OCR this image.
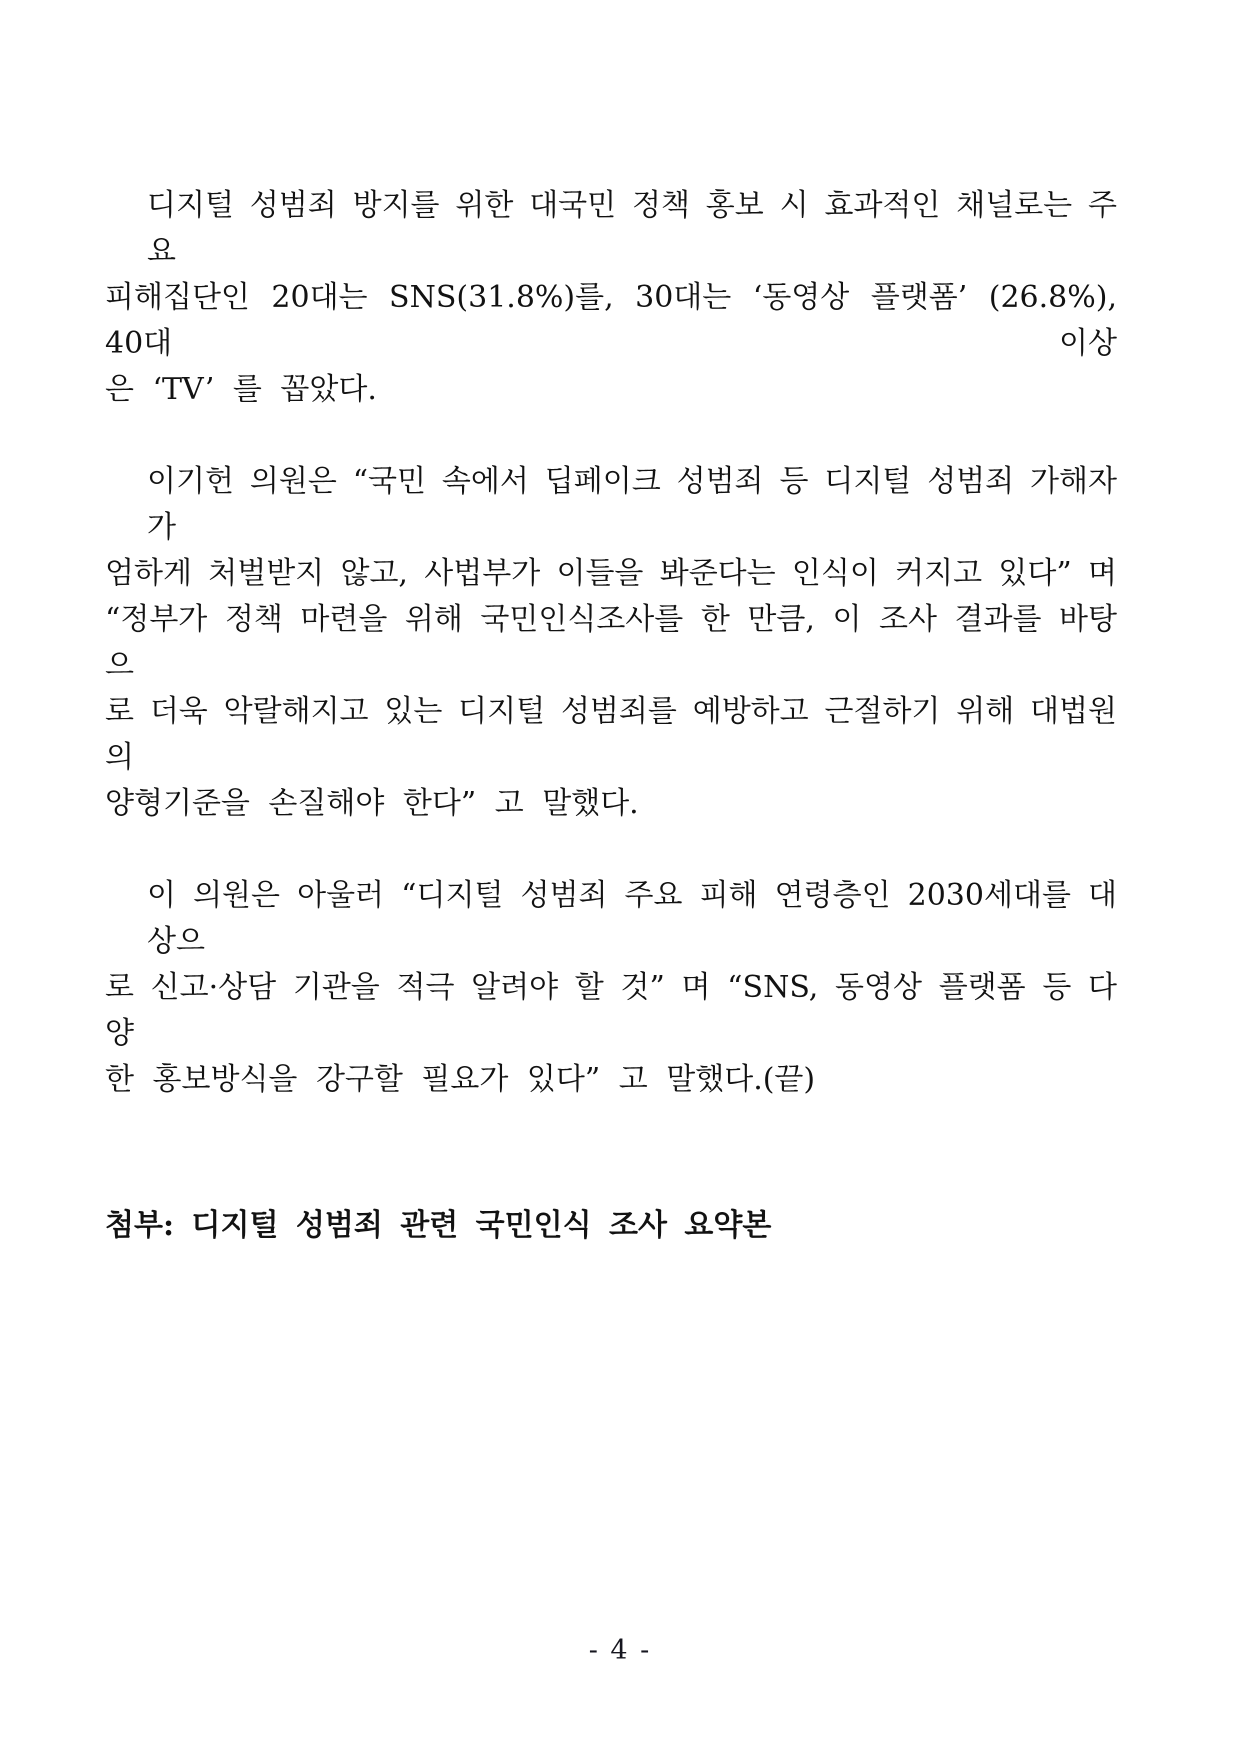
디지털 성범죄 방지를 위한 대국민 정책 홍보 시 효과적인 채널로는 주요
피해집단인 20대는 SNS(31.8%)를, 30대는 ‘동영상 플랫폼’ (26.8%), 40대 이상
은 ‘TV’ 를 꼽았다.
이기헌 의원은 “국민 속에서 딥페이크 성범죄 등 디지털 성범죄 가해자가
엄하게 처벌받지 않고, 사법부가 이들을 봐준다는 인식이 커지고 있다” 며
“정부가 정책 마련을 위해 국민인식조사를 한 만큼, 이 조사 결과를 바탕으
로 더욱 악랄해지고 있는 디지털 성범죄를 예방하고 근절하기 위해 대법원의
양형기준을 손질해야 한다” 고 말했다.
이 의원은 아울러 “디지털 성범죄 주요 피해 연령층인 2030세대를 대상으
로 신고·상담 기관을 적극 알려야 할 것” 며 “SNS, 동영상 플랫폼 등 다양
한 홍보방식을 강구할 필요가 있다” 고 말했다.(끝)
첨부: 디지털 성범죄 관련 국민인식 조사 요약본
- 4 -
